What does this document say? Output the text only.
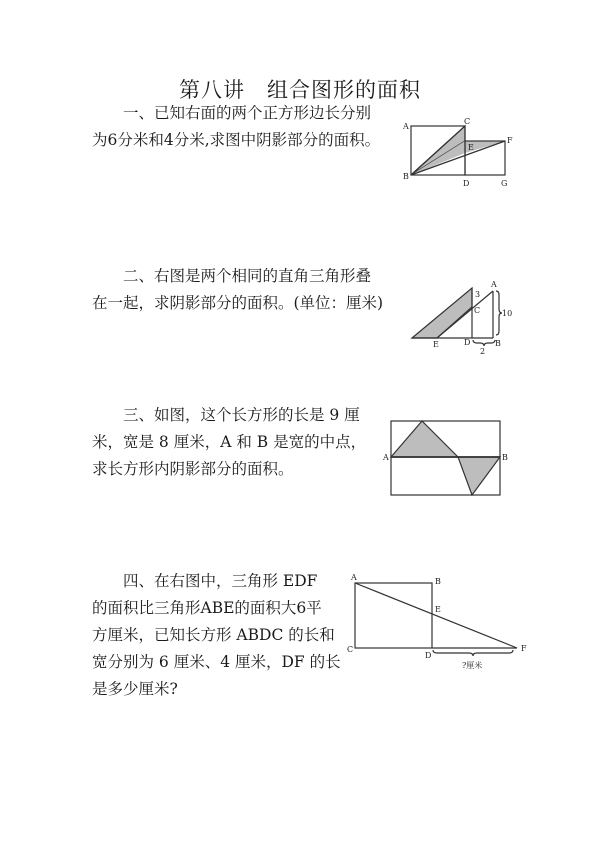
第八讲 组合图形的面积
一、已知右面的两个正方形边长分别
为6分米和4分米,求图中阴影部分的面积。
A
B
C
E
F
D	G
二、右图是两个相同的直角三角形叠
在一起，求阴影部分的面积。(单位：厘米)	3
C
A
10
E	D	B
2
三、如图，这个长方形的长是 9 厘
米，宽是 8 厘米，A 和 B 是宽的中点，
求长方形内阴影部分的面积。
A	B
四、在右图中，三角形 EDF
的面积比三角形ABE的面积大6平
方厘米，已知长方形 ABDC 的长和
宽分别为 6 厘米、4 厘米，DF 的长
是多少厘米?
A	B
E
C
D
F
?厘米
